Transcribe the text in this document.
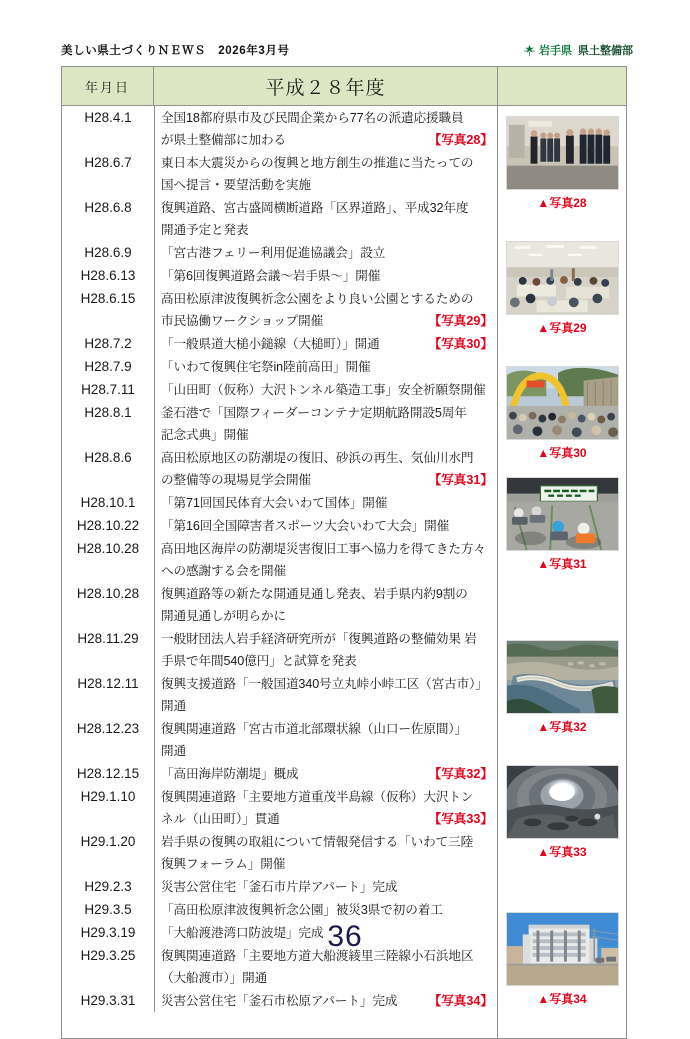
美しい県土づくりＮＥＷＳ　2026年3月号	岩手県 県土整備部
年月日	平成２８年度	

H28.4.1	全国18都府県市及び民間企業から77名の派遣応援職員
が県土整備部に加わる	【写真28】
H28.6.7	東日本大震災からの復興と地方創生の推進に当たっての
国へ提言・要望活動を実施
H28.6.8	復興道路、宮古盛岡横断道路「区界道路」、平成32年度
開通予定と発表
H28.6.9	「宮古港フェリー利用促進協議会」設立
H28.6.13	「第6回復興道路会議〜岩手県〜」開催
H28.6.15	高田松原津波復興祈念公園をより良い公園とするための
市民協働ワークショップ開催	【写真29】
H28.7.2	「一般県道大槌小鎚線（大槌町）」開通	【写真30】
H28.7.9	「いわて復興住宅祭in陸前高田」開催
H28.7.11	「山田町（仮称）大沢トンネル築造工事」安全祈願祭開催
H28.8.1	釜石港で「国際フィーダーコンテナ定期航路開設5周年
記念式典」開催
H28.8.6	高田松原地区の防潮堤の復旧、砂浜の再生、気仙川水門
の整備等の現場見学会開催	【写真31】
H28.10.1	「第71回国民体育大会いわて国体」開催
H28.10.22	「第16回全国障害者スポーツ大会いわて大会」開催
H28.10.28	高田地区海岸の防潮堤災害復旧工事へ協力を得てきた方々
への感謝する会を開催
H28.10.28	復興道路等の新たな開通見通し発表、岩手県内約9割の
開通見通しが明らかに
H28.11.29	一般財団法人岩手経済研究所が「復興道路の整備効果 岩
手県で年間540億円」と試算を発表
H28.12.11	復興支援道路「一般国道340号立丸峠小峠工区（宮古市）」
開通
H28.12.23	復興関連道路「宮古市道北部環状線（山口ー佐原間）」
開通
H28.12.15	「高田海岸防潮堤」概成	【写真32】
H29.1.10	復興関連道路「主要地方道重茂半島線（仮称）大沢トン
ネル（山田町）」貫通	【写真33】
H29.1.20	岩手県の復興の取組について情報発信する「いわて三陸
復興フォーラム」開催
H29.2.3	災害公営住宅「釜石市片岸アパート」完成
H29.3.5	「高田松原津波復興祈念公園」被災3県で初の着工
H29.3.19	「大船渡港湾口防波堤」完成
H29.3.25	復興関連道路「主要地方道大船渡綾里三陸線小石浜地区
（大船渡市）」開通
H29.3.31	災害公営住宅「釜石市松原アパート」完成 【写真34】

▲写真28
▲写真29
▲写真30
▲写真31
▲写真32
▲写真33
▲写真34
36
